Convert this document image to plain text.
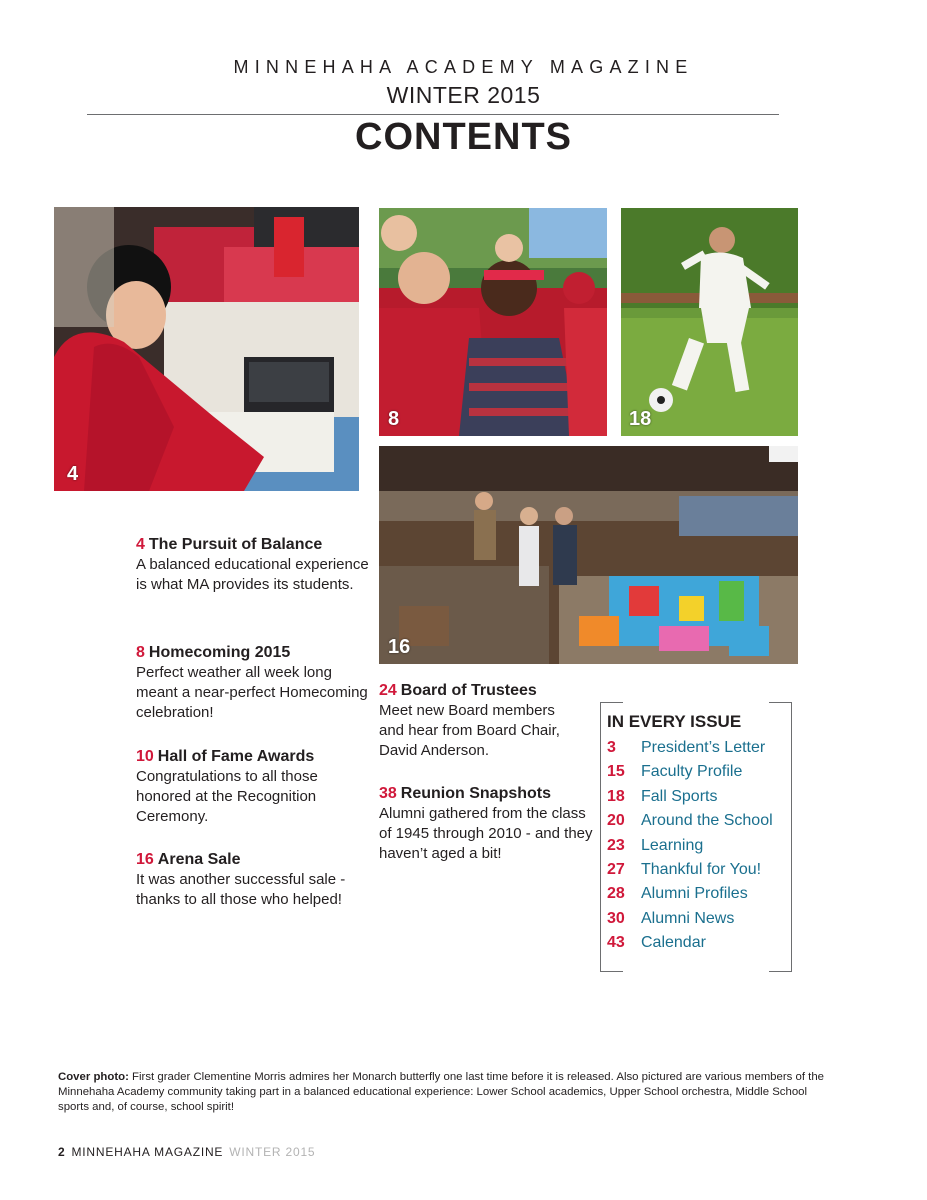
MINNEHAHA ACADEMY MAGAZINE
WINTER 2015
CONTENTS
4
8	18
16

4 The Pursuit of Balance

A balanced educational experience is what MA provides its students.

8 Homecoming 2015

Perfect weather all week long meant a near-perfect Homecoming celebration!

10 Hall of Fame Awards

Congratulations to all those honored at the Recognition Ceremony.

16 Arena Sale

It was another successful sale - thanks to all those who helped!

24 Board of Trustees

Meet new Board members and hear from Board Chair, David Anderson.

38 Reunion Snapshots

Alumni gathered from the class of 1945 through 2010 - and they haven’t aged a bit!

IN EVERY ISSUE
3 President’s Letter
15 Faculty Profile
18 Fall Sports
20 Around the School
23 Learning
27 Thankful for You!
28 Alumni Profiles
30 Alumni News
43 Calendar
Cover photo: First grader Clementine Morris admires her Monarch butterfly one last time before it is released. Also pictured are various members of the Minnehaha Academy community taking part in a balanced educational experience: Lower School academics, Upper School orchestra, Middle School sports and, of course, school spirit!
2 MINNEHAHA MAGAZINE WINTER 2015
